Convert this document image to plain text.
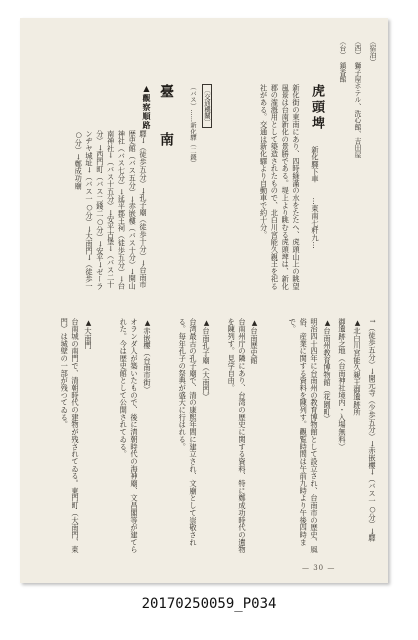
（宿泊）
（西）　獅子屋ホテル、洗心館、吉田屋
（台）　鎮香館
虎頭埤
新化驛下車　　…東南七粁九…
新化街の東南にあり、四時綠滿の水をたたへ、虎頭山上の眺望風景は台南新化の景勝である。堤上より眺むる虎頭埤は、新化郡の潅漑用として築造されたもので、北白川宮能久親王を祀る社がある。交通は新化驛より自動車で約十分。
〔交通機關〕
（バス）……新化驛（二錢）
臺　南
▲觀察順路
驛→（徒歩五分）→孔子廟（徒歩十分）→台南市歴史館（バス五分）→赤嵌樓（バス十分）→開山神社（バス七分）→延平郡王祠（徒歩五分）→台南神社→（バス十五分）→安平古堡→（バス二十分）→西門町（バス二錢二○分）→安平→ゼーランヂヤ城址→（バス一○分）→大南門→（徒歩一○分）→鄭成功廟
↑（徒歩五分）→開元寺（少歩五分）→赤嵌樓→（バス一○分）→驛
▲北白川宮能久親王御遺跡所
御遺跡之地（台南神社境内・入場無料）
▲台南州教育博物館（花園町）
明治四十四年に台南州の教育博物館として設立され、台南市の歴史、風俗、産業に関する資料を陳列す。觀覧時間は午前九時より午後四時まで。
▲台南歴史館
台南州庁の隣にあり、台湾の歴史に関する資料、特に鄭成功時代の遺物を陳列す。見学自由。
▲台南孔子廟（大南門）
台湾最古の孔子廟で、清の康煕年間に建立され、文廟として崇敬される。毎年孔子の祭典が盛大に行はれる。
▲赤嵌樓（台南市街）
オランダ人が築いたもので、後に清朝時代の海神廟、文昌閣等が建てられた。今は歴史館として公開されてゐる。
▲大南門
台南城の南門で、清朝時代の建物が残されてゐる。東門町（大南門、東門）は城壁の一部が残つてゐる。
— 30 —
20170250059_P034
